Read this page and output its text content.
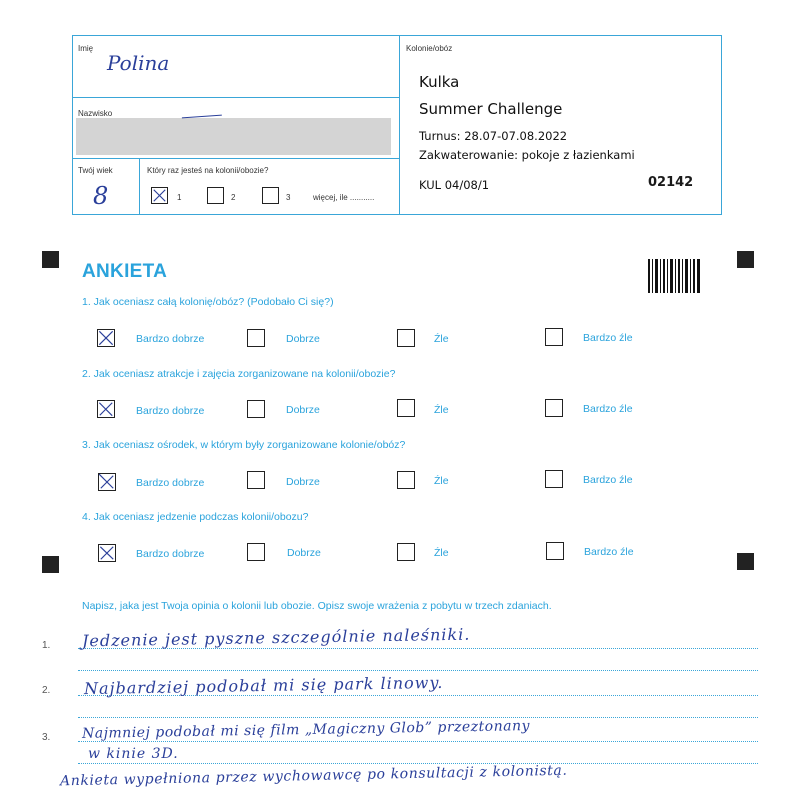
Imię
Polina
Nazwisko
Twój wiek
8
Który raz jesteś na kolonii/obozie?
1	2	3	więcej, ile ...........
Kolonie/obóz
Kulka
Summer Challenge
Turnus: 28.07-07.08.2022
Zakwaterowanie: pokoje z łazienkami
KUL 04/08/1	02142
ANKIETA
1. Jak oceniasz całą kolonię/obóz? (Podobało Ci się?)
Bardzo dobrze	Dobrze	Źle	Bardzo źle
2. Jak oceniasz atrakcje i zajęcia zorganizowane na kolonii/obozie?
Bardzo dobrze	Dobrze	Źle	Bardzo źle
3. Jak oceniasz ośrodek, w którym były zorganizowane kolonie/obóz?
Bardzo dobrze	Dobrze	Źle	Bardzo źle
4. Jak oceniasz jedzenie podczas kolonii/obozu?
Bardzo dobrze	Dobrze	Źle	Bardzo źle
Napisz, jaka jest Twoja opinia o kolonii lub obozie. Opisz swoje wrażenia z pobytu w trzech zdaniach.
1.
2.
3.
Jedzenie jest pyszne szczególnie naleśniki.
Najbardziej podobał mi się park linowy.
Najmniej podobał mi się film „Magiczny Glob” przeztonany
w kinie 3D.
Ankieta wypełniona przez wychowawcę po konsultacji z kolonistą.
